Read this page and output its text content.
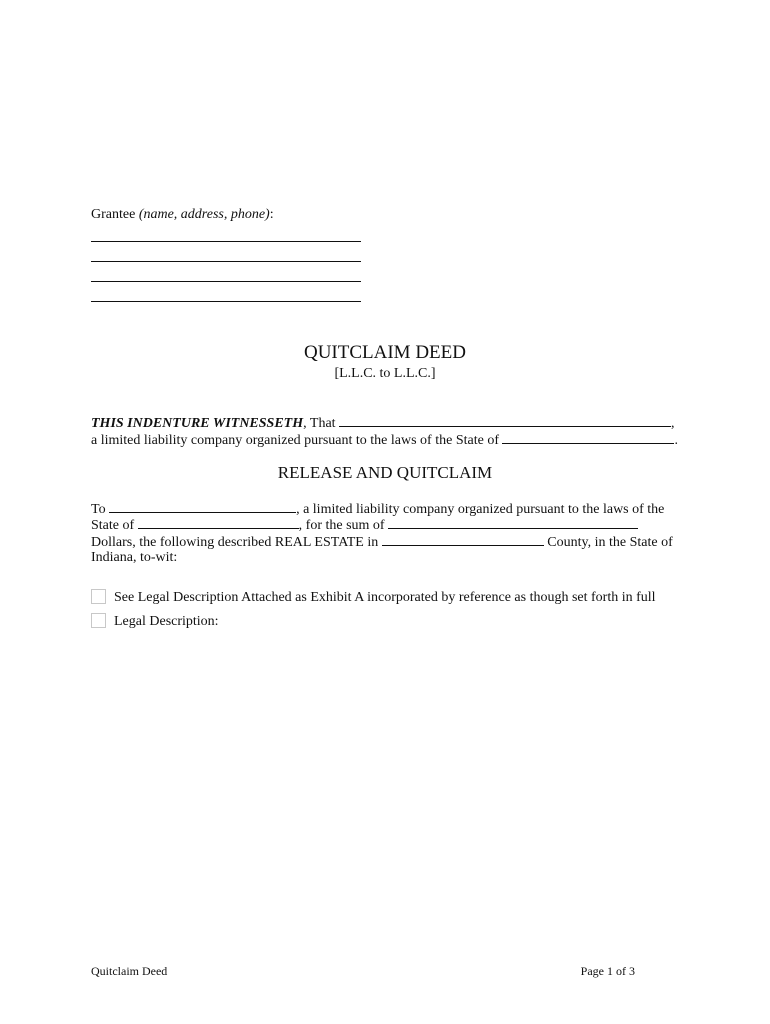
Grantee (name, address, phone):
QUITCLAIM DEED
[L.L.C. to L.L.C.]
THIS INDENTURE WITNESSETH, That	,
a limited liability company organized pursuant to the laws of the State of	.
RELEASE AND QUITCLAIM
To	, a limited liability company organized pursuant to the laws of the
State of	, for the sum of
Dollars, the following described REAL ESTATE in	County, in the State of
Indiana, to-wit:
See Legal Description Attached as Exhibit A incorporated by reference as though set forth in full
Legal Description:
Quitclaim Deed	Page 1 of 3
